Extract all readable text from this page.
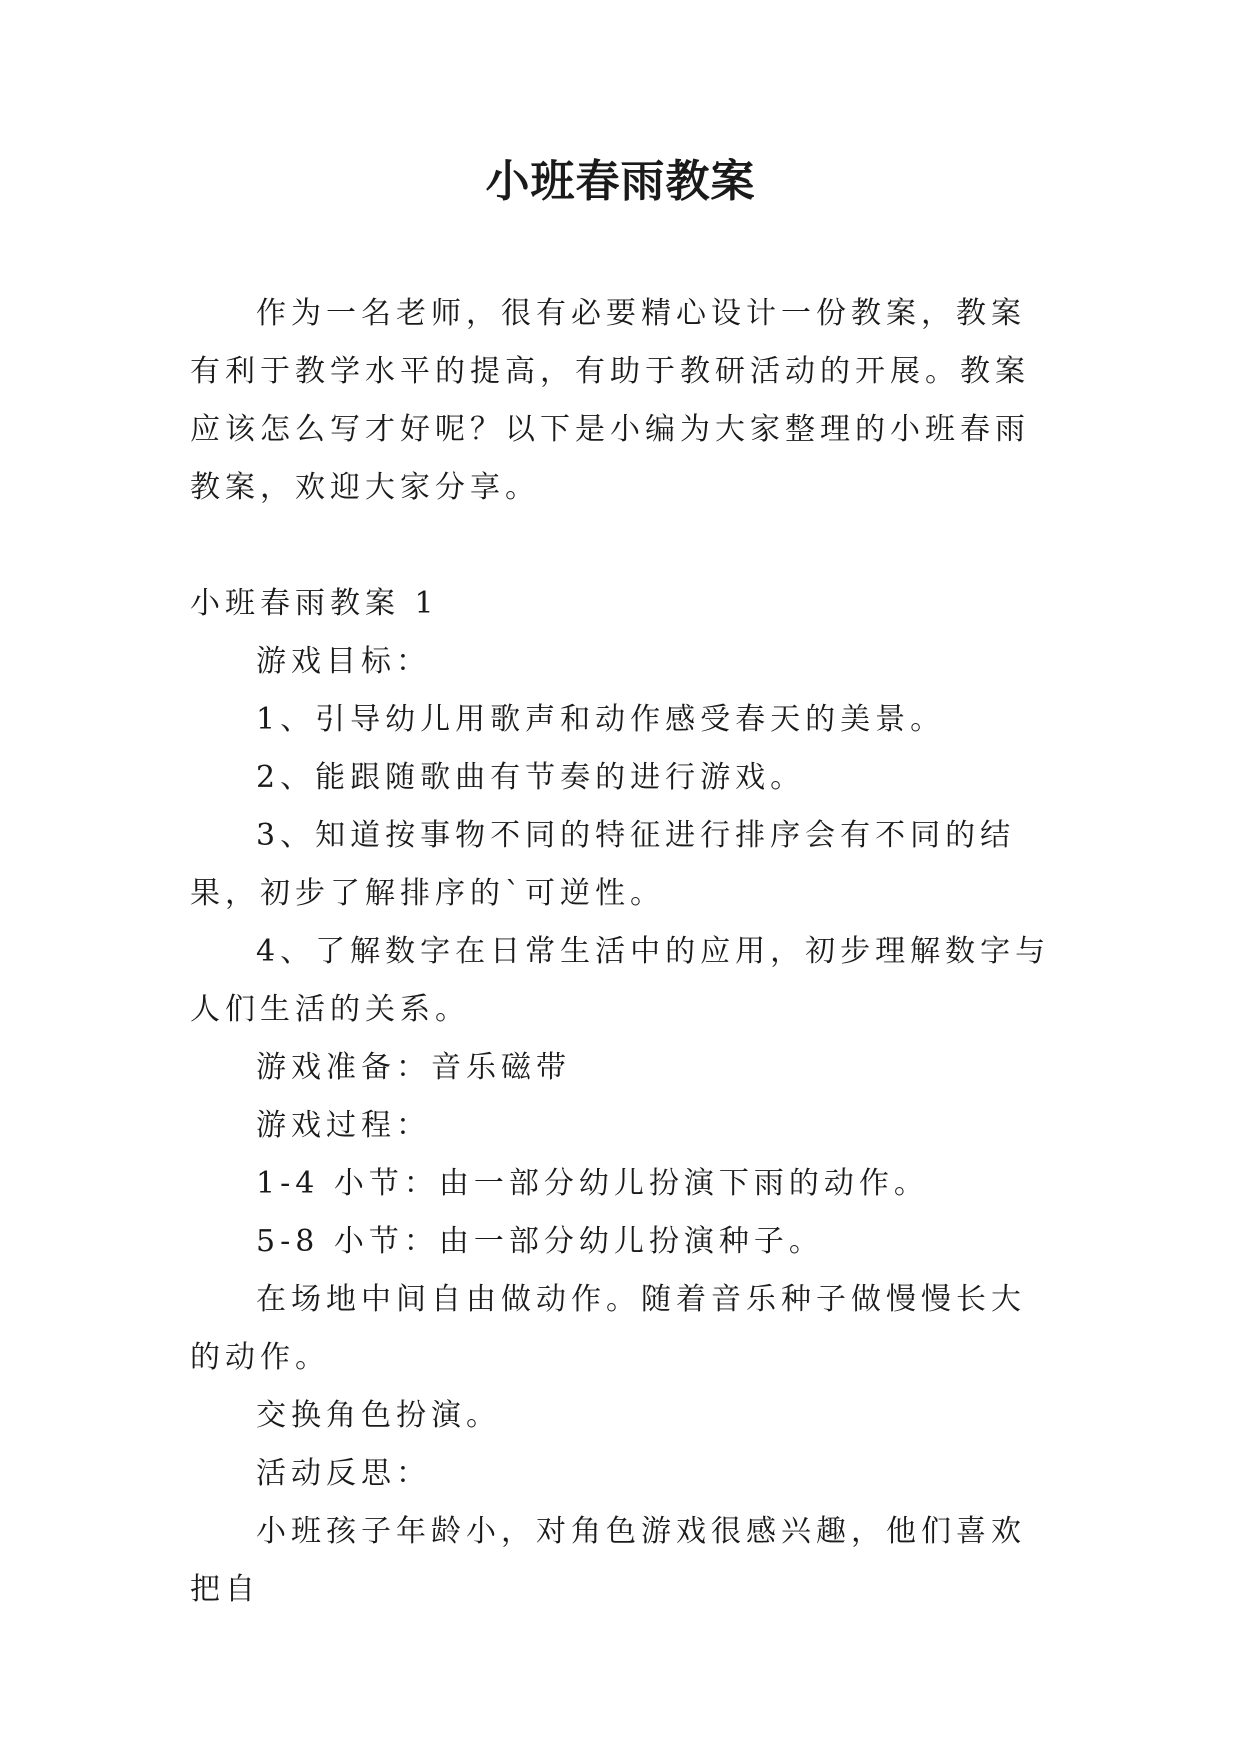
小班春雨教案

作为一名老师，很有必要精心设计一份教案，教案有利于教学水平的提高，有助于教研活动的开展。教案应该怎么写才好呢？以下是小编为大家整理的小班春雨教案，欢迎大家分享。

小班春雨教案 1

游戏目标：

1、引导幼儿用歌声和动作感受春天的美景。

2、能跟随歌曲有节奏的进行游戏。

3、知道按事物不同的特征进行排序会有不同的结果，初步了解排序的`可逆性。

4、了解数字在日常生活中的应用，初步理解数字与人们生活的关系。

游戏准备：音乐磁带

游戏过程：

1-4 小节：由一部分幼儿扮演下雨的动作。

5-8 小节：由一部分幼儿扮演种子。

在场地中间自由做动作。随着音乐种子做慢慢长大的动作。

交换角色扮演。

活动反思：

小班孩子年龄小，对角色游戏很感兴趣，他们喜欢把自
